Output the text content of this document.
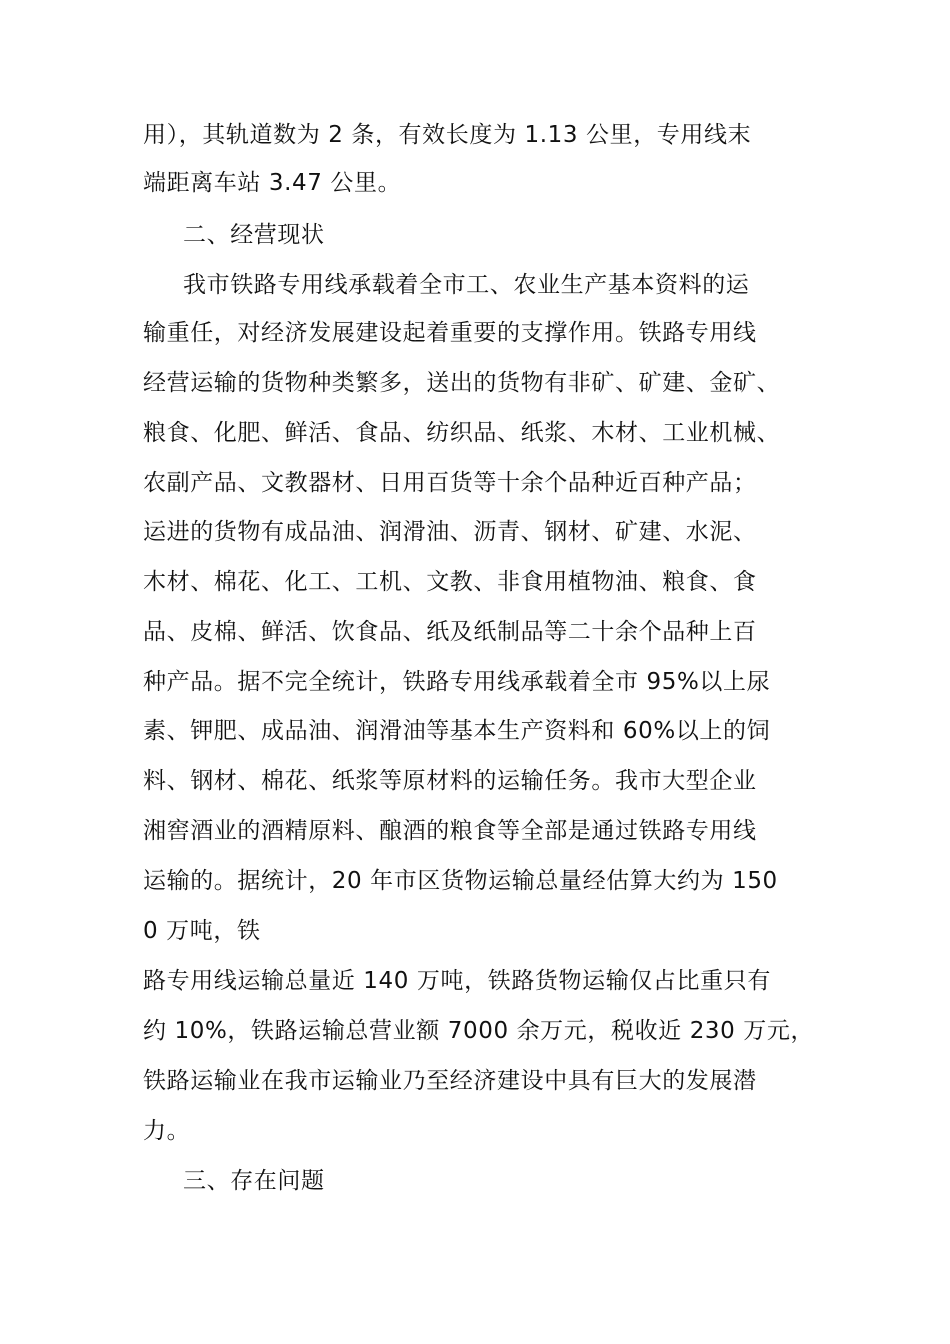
用），其轨道数为 2 条，有效长度为 1.13 公里，专用线末
端距离车站 3.47 公里。
二、经营现状
我市铁路专用线承载着全市工、农业生产基本资料的运
输重任，对经济发展建设起着重要的支撑作用。铁路专用线
经营运输的货物种类繁多，送出的货物有非矿、矿建、金矿、
粮食、化肥、鲜活、食品、纺织品、纸浆、木材、工业机械、
农副产品、文教器材、日用百货等十余个品种近百种产品；
运进的货物有成品油、润滑油、沥青、钢材、矿建、水泥、
木材、棉花、化工、工机、文教、非食用植物油、粮食、食
品、皮棉、鲜活、饮食品、纸及纸制品等二十余个品种上百
种产品。据不完全统计，铁路专用线承载着全市 95%以上尿
素、钾肥、成品油、润滑油等基本生产资料和 60%以上的饲
料、钢材、棉花、纸浆等原材料的运输任务。我市大型企业
湘窖酒业的酒精原料、酿酒的粮食等全部是通过铁路专用线
运输的。据统计，20 年市区货物运输总量经估算大约为 150
0 万吨，铁
路专用线运输总量近 140 万吨，铁路货物运输仅占比重只有
约 10%，铁路运输总营业额 7000 余万元，税收近 230 万元，
铁路运输业在我市运输业乃至经济建设中具有巨大的发展潜
力。
三、存在问题
